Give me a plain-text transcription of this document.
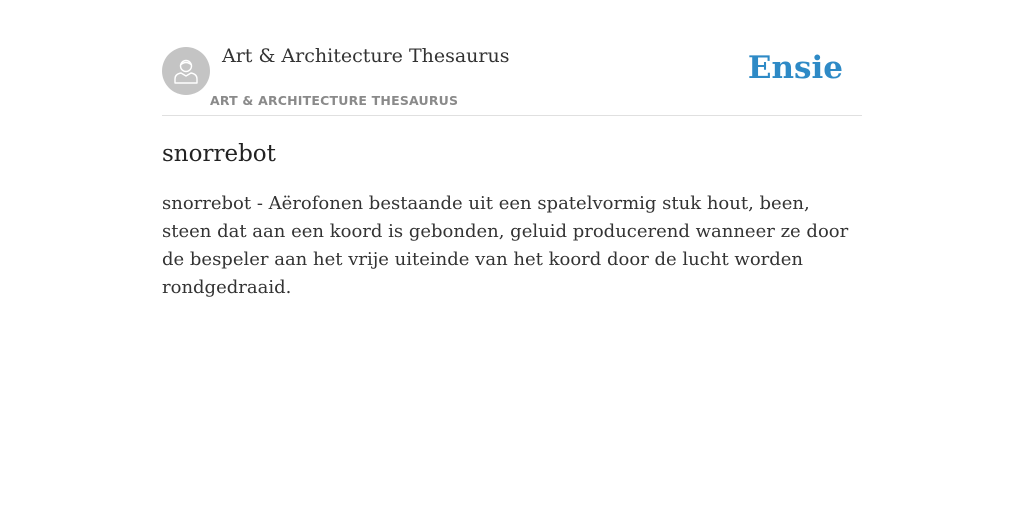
Art & Architecture Thesaurus
ART & ARCHITECTURE THESAURUS
Ensie
snorrebot

snorrebot - Aërofonen bestaande uit een spatelvormig stuk hout, been, steen dat aan een koord is gebonden, geluid producerend wanneer ze door de bespeler aan het vrije uiteinde van het koord door de lucht worden rondgedraaid.
